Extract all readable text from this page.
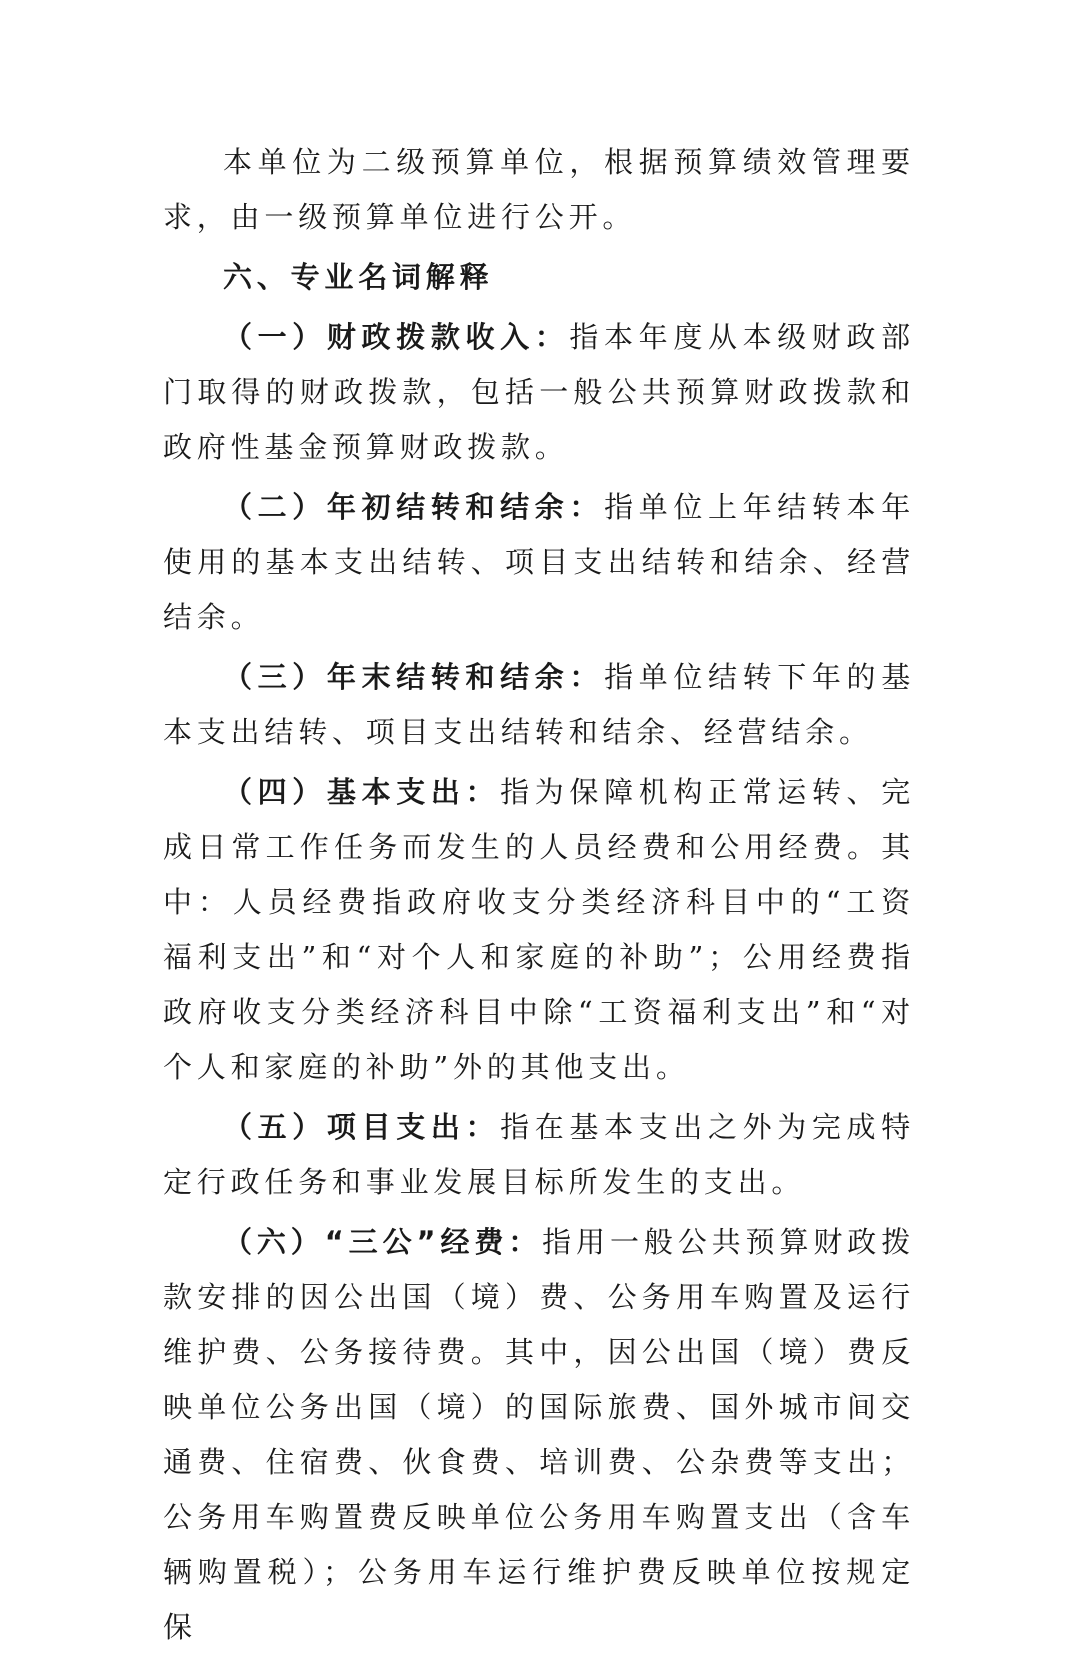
本单位为二级预算单位，根据预算绩效管理要求，由一级预算单位进行公开。

六、专业名词解释

（一）财政拨款收入：指本年度从本级财政部门取得的财政拨款，包括一般公共预算财政拨款和政府性基金预算财政拨款。

（二）年初结转和结余：指单位上年结转本年使用的基本支出结转、项目支出结转和结余、经营结余。

（三）年末结转和结余：指单位结转下年的基本支出结转、项目支出结转和结余、经营结余。

（四）基本支出：指为保障机构正常运转、完成日常工作任务而发生的人员经费和公用经费。其中：人员经费指政府收支分类经济科目中的“工资福利支出”和“对个人和家庭的补助”；公用经费指政府收支分类经济科目中除“工资福利支出”和“对个人和家庭的补助”外的其他支出。

（五）项目支出：指在基本支出之外为完成特定行政任务和事业发展目标所发生的支出。

（六）“三公”经费：指用一般公共预算财政拨款安排的因公出国（境）费、公务用车购置及运行维护费、公务接待费。其中，因公出国（境）费反映单位公务出国（境）的国际旅费、国外城市间交通费、住宿费、伙食费、培训费、公杂费等支出；公务用车购置费反映单位公务用车购置支出（含车辆购置税）；公务用车运行维护费反映单位按规定保
